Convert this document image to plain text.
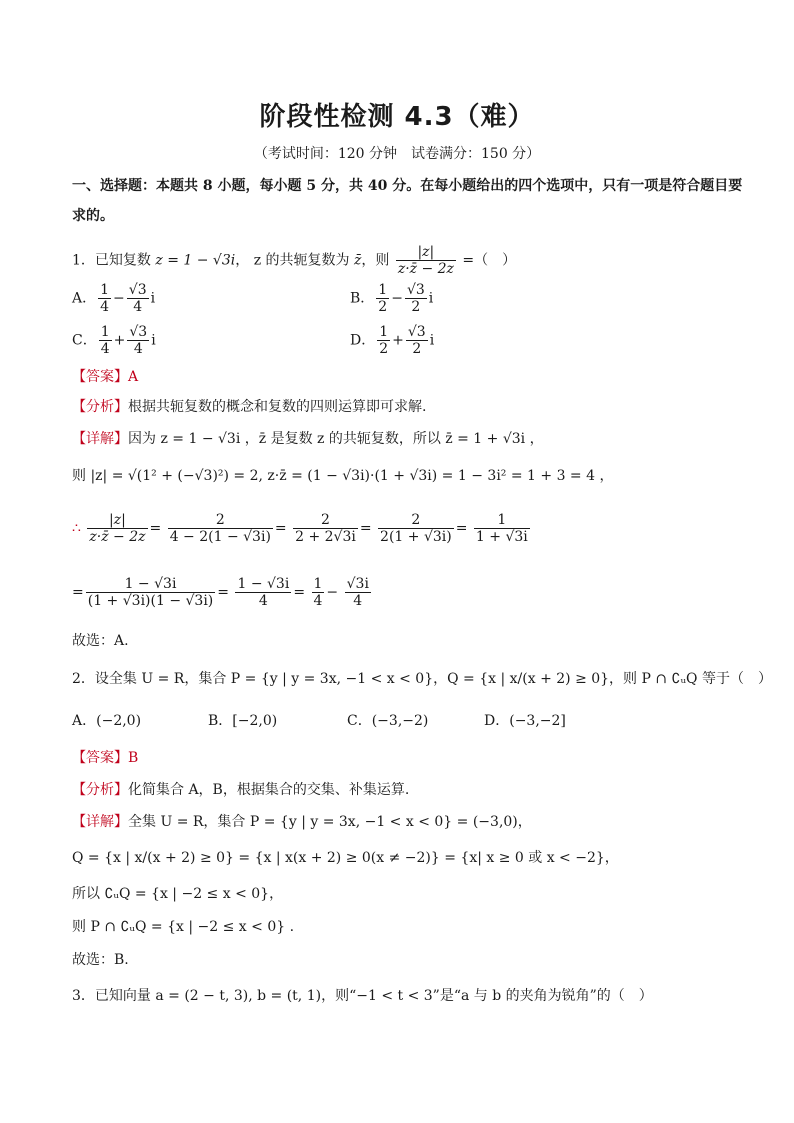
阶段性检测 4.3（难）
（考试时间：120 分钟　试卷满分：150 分）
一、选择题：本题共 8 小题，每小题 5 分，共 40 分。在每小题给出的四个选项中，只有一项是符合题目要
求的。
1．已知复数 z = 1 − √3i， z 的共轭复数为 z̄，则 $\frac{|z|}{z\cdot z̄ - 2z}$ =（　）
A． $\frac{1}{4} - \frac{√3}{4}$ i	B． $\frac{1}{2} - \frac{√3}{2}$ i
C． $\frac{1}{4} + \frac{√3}{4}$ i	D． $\frac{1}{2} + \frac{√3}{2}$ i
【答案】A
【分析】根据共轭复数的概念和复数的四则运算即可求解.
【详解】因为 z = 1 − √3i ，z̄ 是复数 z 的共轭复数，所以 z̄ = 1 + √3i ，
则 |z| = √(1² + (−√3)²) = 2, z·z̄ = (1 − √3i)·(1 + √3i) = 1 − 3i² = 1 + 3 = 4 ，
∴ $\frac{|z|}{z\cdot z̄ - 2z} = \frac{2}{4 - 2(1 - √3i)} = \frac{2}{2 + 2√3i} = \frac{2}{2(1 + √3i)} = \frac{1}{1 + √3i}$
= $\frac{1 - √3i}{(1 + √3i)(1 - √3i)} = \frac{1 - √3i}{4} = \frac{1}{4} - \frac{√3i}{4}$
故选：A.
2．设全集 U = R，集合 P = {y | y = 3x, −1 < x < 0}，Q = {x | x/(x + 2) ≥ 0}，则 P ∩ ∁ᵤQ 等于（　）
A．(−2,0)	B．[−2,0)	C．(−3,−2)	D．(−3,−2]
【答案】B
【分析】化简集合 A，B，根据集合的交集、补集运算.
【详解】全集 U = R，集合 P = {y | y = 3x, −1 < x < 0} = (−3,0)，
Q = {x | x/(x + 2) ≥ 0} = {x | x(x + 2) ≥ 0(x ≠ −2)} = {x| x ≥ 0 或 x < −2}，
所以 ∁ᵤQ = {x | −2 ≤ x < 0}，
则 P ∩ ∁ᵤQ = {x | −2 ≤ x < 0} .
故选：B.
3．已知向量 a = (2 − t, 3), b = (t, 1)，则“−1 < t < 3”是“a 与 b 的夹角为锐角”的（　）
